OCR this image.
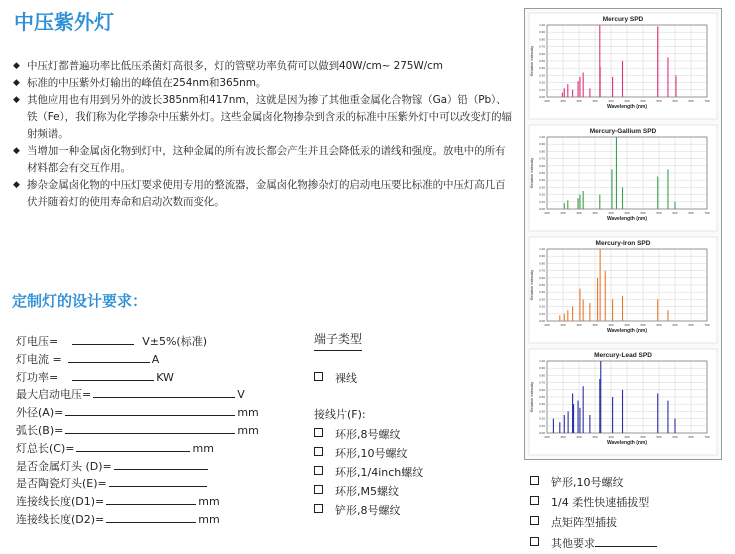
中压紫外灯
◆ 中压灯都普遍功率比低压杀菌灯高很多，灯的管壁功率负荷可以做到40W/cm~ 275W/cm
◆ 标准的中压紫外灯输出的峰值在254nm和365nm。
◆ 其他应用也有用到另外的波长385nm和417nm，这就是因为掺了其他重金属化合物镓（Ga）铅（Pb）、铁（Fe），我们称为化学掺杂中压紫外灯。这些金属卤化物掺杂到含汞的标准中压紫外灯中可以改变灯的辐射频谱。
◆ 当增加一种金属卤化物到灯中，这种金属的所有波长都会产生并且会降低汞的谱线和强度。放电中的所有材料都会有交互作用。
◆ 掺杂金属卤化物的中压灯要求使用专用的整流器，金属卤化物掺杂灯的启动电压要比标准的中压灯高几百伏并随着灯的使用寿命和启动次数而变化。
定制灯的设计要求：
灯电压=	V±5%(标准)
灯电流 =	A
灯功率=	KW
最大启动电压=	V
外径(A)=	mm
弧长(B)=	mm
灯总长(C)=	mm
是否金属灯头 (D)=
是否陶瓷灯头(E)=
连接线长度(D1)=	mm
连接线长度(D2)=	mm
端子类型
裸线
接线片(F):
环形,8号螺纹
环形,10号螺纹
环形,1/4inch螺纹
环形,M5螺纹
铲形,8号螺纹
铲形,10号螺纹
1/4 柔性快速插拔型
点矩阵型插拔
其他要求
Mercury SPD
200	250	300	350	400	450	500	550	600	650	700
1.00
0.90
0.80
0.70
0.60
0.50
0.40
0.30
0.20
0.10
0.00
Wavelength (nm)
Relative Intensity
Mercury-Gallium SPD
200	250	300	350	400	450	500	550	600	650	700
1.00
0.90
0.80
0.70
0.60
0.50
0.40
0.30
0.20
0.10
0.00
Wavelength (nm)
Relative Intensity
Mercury-Iron SPD
200	250	300	350	400	450	500	550	600	650	700
1.00
0.90
0.80
0.70
0.60
0.50
0.40
0.30
0.20
0.10
0.00
Wavelength (nm)
Relative Intensity
Mercury-Lead SPD
200	250	300	350	400	450	500	550	600	650	700
1.00
0.90
0.80
0.70
0.60
0.50
0.40
0.30
0.20
0.10
0.00
Wavelength (nm)
Relative Intensity
